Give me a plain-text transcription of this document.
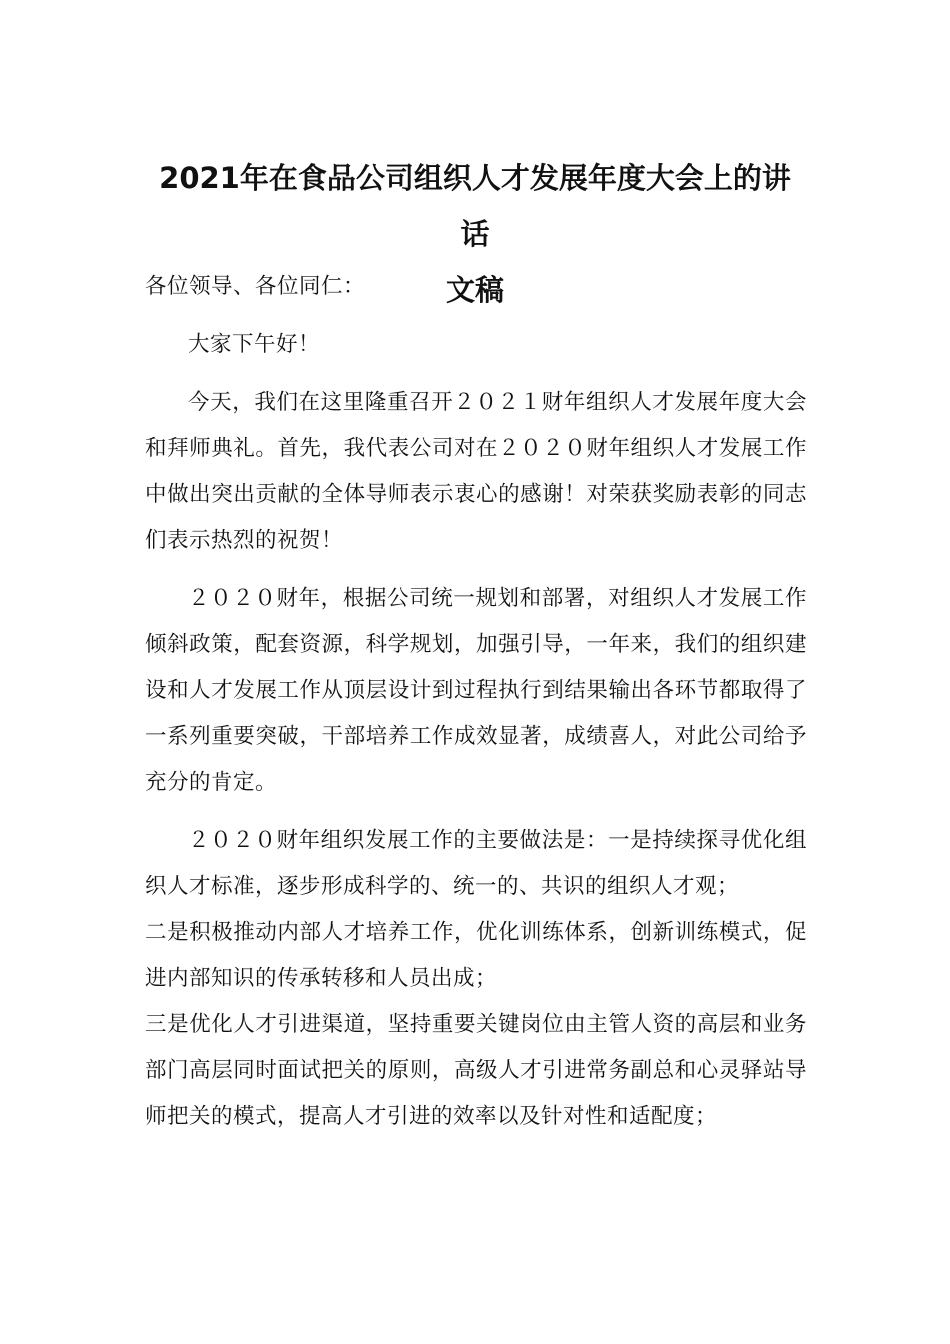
2021年在食品公司组织人才发展年度大会上的讲话
文稿

各位领导、各位同仁：

大家下午好！

今天，我们在这里隆重召开２０２１财年组织人才发展年度大会和拜师典礼。首先，我代表公司对在２０２０财年组织人才发展工作中做出突出贡献的全体导师表示衷心的感谢！对荣获奖励表彰的同志们表示热烈的祝贺！

２０２０财年，根据公司统一规划和部署，对组织人才发展工作倾斜政策，配套资源，科学规划，加强引导，一年来，我们的组织建设和人才发展工作从顶层设计到过程执行到结果输出各环节都取得了一系列重要突破，干部培养工作成效显著，成绩喜人，对此公司给予充分的肯定。

２０２０财年组织发展工作的主要做法是：一是持续探寻优化组织人才标准，逐步形成科学的、统一的、共识的组织人才观；

二是积极推动内部人才培养工作，优化训练体系，创新训练模式，促进内部知识的传承转移和人员出成；

三是优化人才引进渠道，坚持重要关键岗位由主管人资的高层和业务部门高层同时面试把关的原则，高级人才引进常务副总和心灵驿站导师把关的模式，提高人才引进的效率以及针对性和适配度；
